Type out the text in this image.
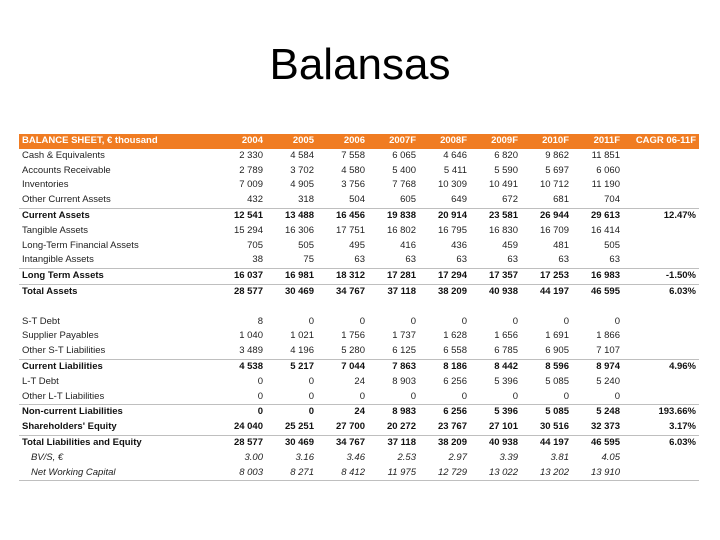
Balansas
BALANCE SHEET, € thousand	2004	2005	2006	2007F	2008F	2009F	2010F	2011F	CAGR 06-11F
Cash & Equivalents	2 330	4 584	7 558	6 065	4 646	6 820	9 862	11 851	
Accounts Receivable	2 789	3 702	4 580	5 400	5 411	5 590	5 697	6 060	
Inventories	7 009	4 905	3 756	7 768	10 309	10 491	10 712	11 190	
Other Current Assets	432	318	504	605	649	672	681	704	
Current Assets	12 541	13 488	16 456	19 838	20 914	23 581	26 944	29 613	12.47%
Tangible Assets	15 294	16 306	17 751	16 802	16 795	16 830	16 709	16 414	
Long-Term Financial Assets	705	505	495	416	436	459	481	505	
Intangible Assets	38	75	63	63	63	63	63	63	
Long Term Assets	16 037	16 981	18 312	17 281	17 294	17 357	17 253	16 983	-1.50%
Total Assets	28 577	30 469	34 767	37 118	38 209	40 938	44 197	46 595	6.03%

S-T Debt	8	0	0	0	0	0	0	0	
Supplier Payables	1 040	1 021	1 756	1 737	1 628	1 656	1 691	1 866	
Other S-T Liabilities	3 489	4 196	5 280	6 125	6 558	6 785	6 905	7 107	
Current Liabilities	4 538	5 217	7 044	7 863	8 186	8 442	8 596	8 974	4.96%
L-T Debt	0	0	24	8 903	6 256	5 396	5 085	5 240	
Other L-T Liabilities	0	0	0	0	0	0	0	0	
Non-current Liabilities	0	0	24	8 983	6 256	5 396	5 085	5 248	193.66%
Shareholders' Equity	24 040	25 251	27 700	20 272	23 767	27 101	30 516	32 373	3.17%
Total Liabilities and Equity	28 577	30 469	34 767	37 118	38 209	40 938	44 197	46 595	6.03%
BV/S, €	3.00	3.16	3.46	2.53	2.97	3.39	3.81	4.05	
Net Working Capital	8 003	8 271	8 412	11 975	12 729	13 022	13 202	13 910	
